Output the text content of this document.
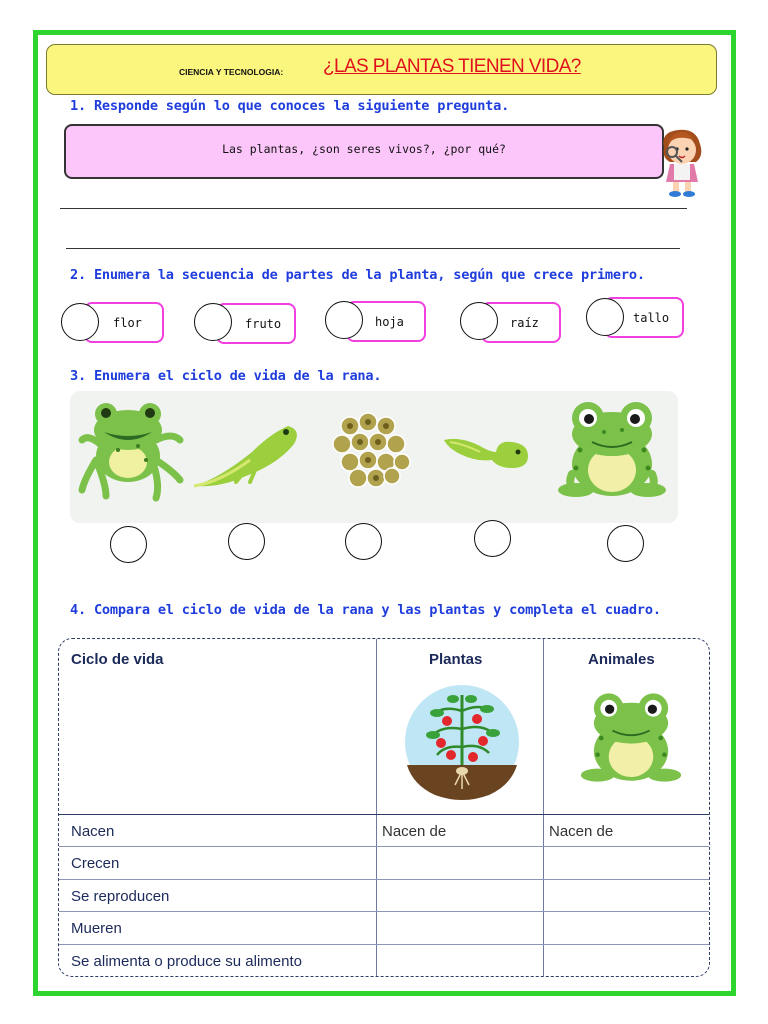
CIENCIA Y TECNOLOGIA: ¿LAS PLANTAS TIENEN VIDA?
1. Responde según lo que conoces la siguiente pregunta.
Las plantas, ¿son seres vivos?, ¿por qué?
2. Enumera la secuencia de partes de la planta, según que crece primero.
flor	fruto	hoja	raíz	tallo
3. Enumera el ciclo de vida de la rana.
4. Compara el ciclo de vida de la rana y las plantas y completa el cuadro.
Ciclo de vida	Plantas	Animales
Nacen	Nacen de	Nacen de
Crecen
Se reproducen
Mueren
Se alimenta o produce su alimento
